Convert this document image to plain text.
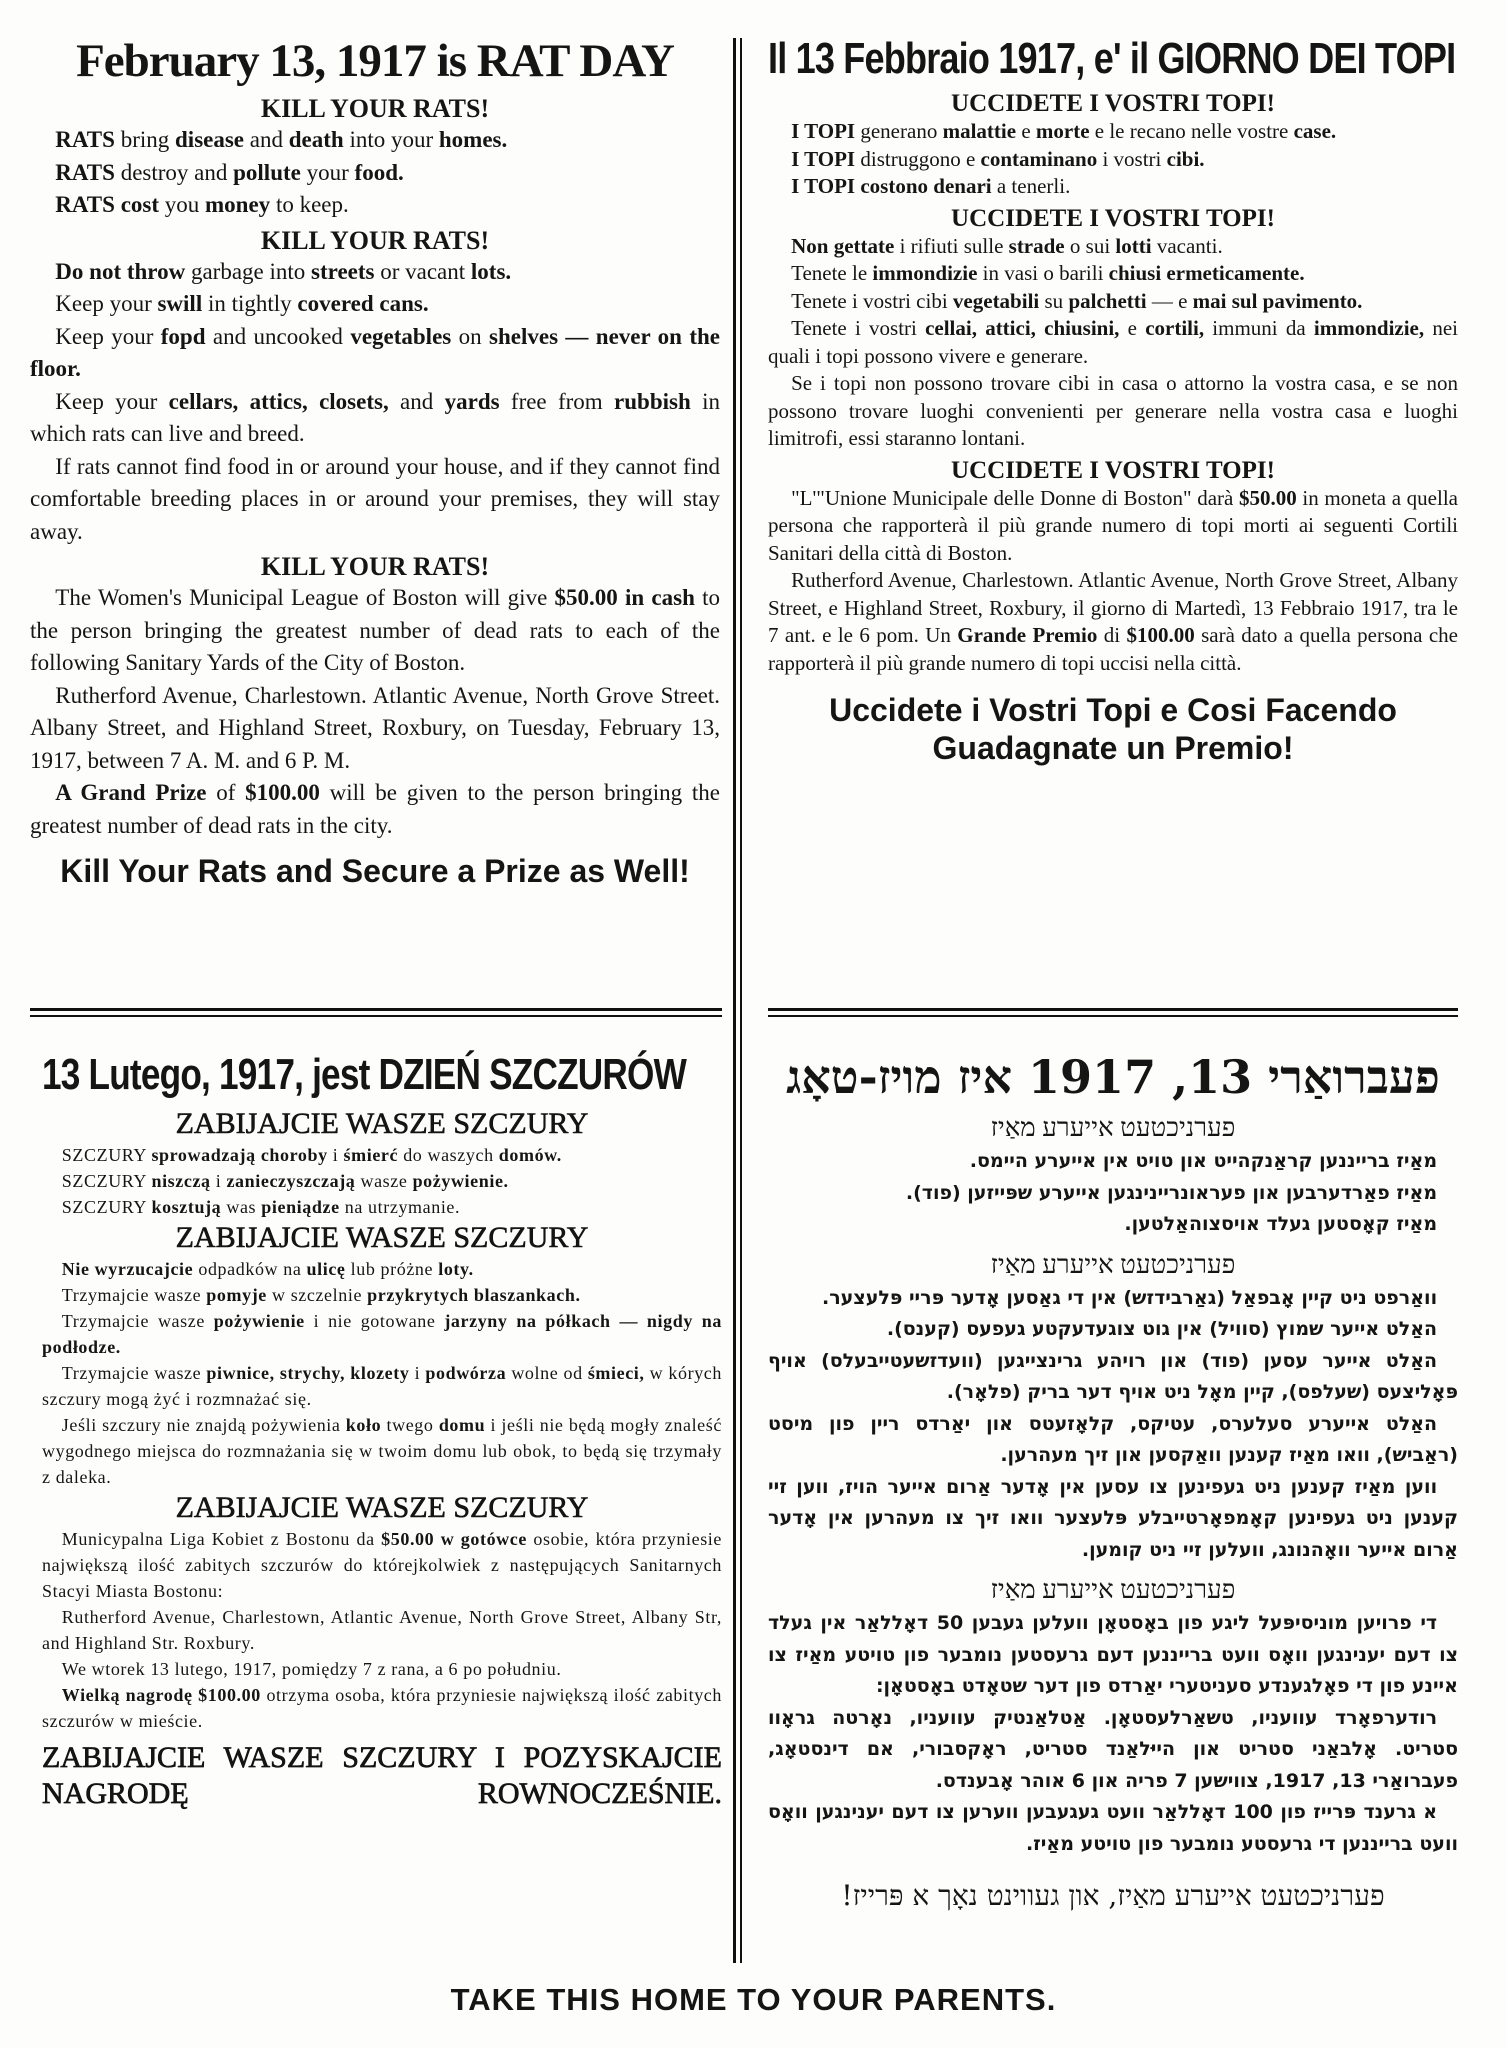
February 13, 1917 is RAT DAY
KILL YOUR RATS!
RATS bring disease and death into your homes.
RATS destroy and pollute your food.
RATS cost you money to keep.
KILL YOUR RATS!
Do not throw garbage into streets or vacant lots.
Keep your swill in tightly covered cans.
Keep your fopd and uncooked vegetables on shelves — never on the floor.
Keep your cellars, attics, closets, and yards free from rubbish in which rats can live and breed.
If rats cannot find food in or around your house, and if they cannot find comfortable breeding places in or around your premises, they will stay away.
KILL YOUR RATS!
The Women's Municipal League of Boston will give $50.00 in cash to the person bringing the greatest number of dead rats to each of the following Sanitary Yards of the City of Boston.
Rutherford Avenue, Charlestown. Atlantic Avenue, North Grove Street. Albany Street, and Highland Street, Roxbury, on Tuesday, February 13, 1917, between 7 A. M. and 6 P. M.
A Grand Prize of $100.00 will be given to the person bringing the greatest number of dead rats in the city.
Kill Your Rats and Secure a Prize as Well!
Il 13 Febbraio 1917, e' il GIORNO DEI TOPI
UCCIDETE I VOSTRI TOPI!
I TOPI generano malattie e morte e le recano nelle vostre case.
I TOPI distruggono e contaminano i vostri cibi.
I TOPI costono denari a tenerli.
UCCIDETE I VOSTRI TOPI!
Non gettate i rifiuti sulle strade o sui lotti vacanti.
Tenete le immondizie in vasi o barili chiusi ermeticamente.
Tenete i vostri cibi vegetabili su palchetti — e mai sul pavimento.
Tenete i vostri cellai, attici, chiusini, e cortili, immuni da immondizie, nei quali i topi possono vivere e generare.
Se i topi non possono trovare cibi in casa o attorno la vostra casa, e se non possono trovare luoghi convenienti per generare nella vostra casa e luoghi limitrofi, essi staranno lontani.
UCCIDETE I VOSTRI TOPI!
"L'"Unione Municipale delle Donne di Boston" darà $50.00 in moneta a quella persona che rapporterà il più grande numero di topi morti ai seguenti Cortili Sanitari della città di Boston.
Rutherford Avenue, Charlestown. Atlantic Avenue, North Grove Street, Albany Street, e Highland Street, Roxbury, il giorno di Martedì, 13 Febbraio 1917, tra le 7 ant. e le 6 pom. Un Grande Premio di $100.00 sarà dato a quella persona che rapporterà il più grande numero di topi uccisi nella città.
Uccidete i Vostri Topi e Cosi Facendo Guadagnate un Premio!
13 Lutego, 1917, jest DZIEŃ SZCZURÓW
ZABIJAJCIE WASZE SZCZURY
SZCZURY sprowadzają choroby i śmierć do waszych domów.
SZCZURY niszczą i zanieczyszczają wasze pożywienie.
SZCZURY kosztują was pieniądze na utrzymanie.
ZABIJAJCIE WASZE SZCZURY
Nie wyrzucajcie odpadków na ulicę lub próżne loty.
Trzymajcie wasze pomyje w szczelnie przykrytych blaszankach.
Trzymajcie wasze pożywienie i nie gotowane jarzyny na półkach — nigdy na podłodze.
Trzymajcie wasze piwnice, strychy, klozety i podwórza wolne od śmieci, w kórych szczury mogą żyć i rozmnażać się.
Jeśli szczury nie znajdą pożywienia koło twego domu i jeśli nie będą mogły znaleść wygodnego miejsca do rozmnażania się w twoim domu lub obok, to będą się trzymały z daleka.
ZABIJAJCIE WASZE SZCZURY
Municypalna Liga Kobiet z Bostonu da $50.00 w gotówce osobie, która przyniesie największą ilość zabitych szczurów do którejkolwiek z następujących Sanitarnych Stacyi Miasta Bostonu:
Rutherford Avenue, Charlestown, Atlantic Avenue, North Grove Street, Albany Str, and Highland Str. Roxbury.
We wtorek 13 lutego, 1917, pomiędzy 7 z rana, a 6 po południu.
Wielką nagrodę $100.00 otrzyma osoba, która przyniesie największą ilość zabitych szczurów w mieście.
ZABIJAJCIE WASZE SZCZURY I POZYSKAJCIE NAGRODĘ ROWNOCZEŚNIE.
פעברואַרי 13, 1917 איז מויז-טאָג
פערניכטעט אייערע מאַיז
מאַיז ברייננען קראַנקהייט און טויט אין אייערע היימס.
מאַיז פאַרדערבען און פעראונריינינגען אייערע שפּייזען (פוד).
מאַיז קאָסטען געלד אויסצוהאַלטען.
פערניכטעט אייערע מאַיז
וואַרפט ניט קיין אָבפאַל (גאַרבידזש) אין די גאַסען אָדער פּריי פּלעצער.
האַלט אייער שמוץ (סוויל) אין גוט צוגעדעקטע געפעס (קענס).
האַלט אייער עסען (פוד) און רויהע גרינצייגען (וועדזשעטייבעלס) אויף פּאָליצעס (שעלפס), קיין מאָל ניט אויף דער בריק (פלאָר).
האַלט אייערע סעלערס, עטיקס, קלאָזעטס און יאַרדס ריין פון מיסט (ראַביש), וואו מאַיז קענען וואַקסען און זיך מעהרען.
ווען מאַיז קענען ניט געפינען צו עסען אין אָדער אַרום אייער הויז, ווען זיי קענען ניט געפינען קאָמפאָרטייבלע פּלעצער וואו זיך צו מעהרען אין אָדער אַרום אייער וואָהנונג, וועלען זיי ניט קומען.
פערניכטעט אייערע מאַיז
די פרויען מוניסיפּעל ליגע פון באָסטאָן וועלען געבען 50 דאָללאַר אין געלד צו דעם יענינגען וואָס וועט ברייננען דעם גרעסטען נומבער פון טויטע מאַיז צו איינע פון די פאָלגענדע סעניטערי יאַרדס פון דער שטאָדט באָסטאָן:
רודערפאָרד עוועניו, טשאַרלעסטאָן. אַטלאַנטיק עוועניו, נאָרטה גראָוו סטריט. אָלבאַני סטריט און הייּלאַנד סטריט, ראָקסבורי, אם דינסטאָג, פעברואַרי 13, 1917, צווישען 7 פריה און 6 אוהר אָבענדס.
א גרענד פּרייז פון 100 דאָללאַר וועט געגעבען ווערען צו דעם יענינגען וואָס וועט ברייננען די גרעסטע נומבער פון טויטע מאַיז.
פערניכטעט אייערע מאַיז, און געווינט נאָך א פּרייז!
TAKE THIS HOME TO YOUR PARENTS.
